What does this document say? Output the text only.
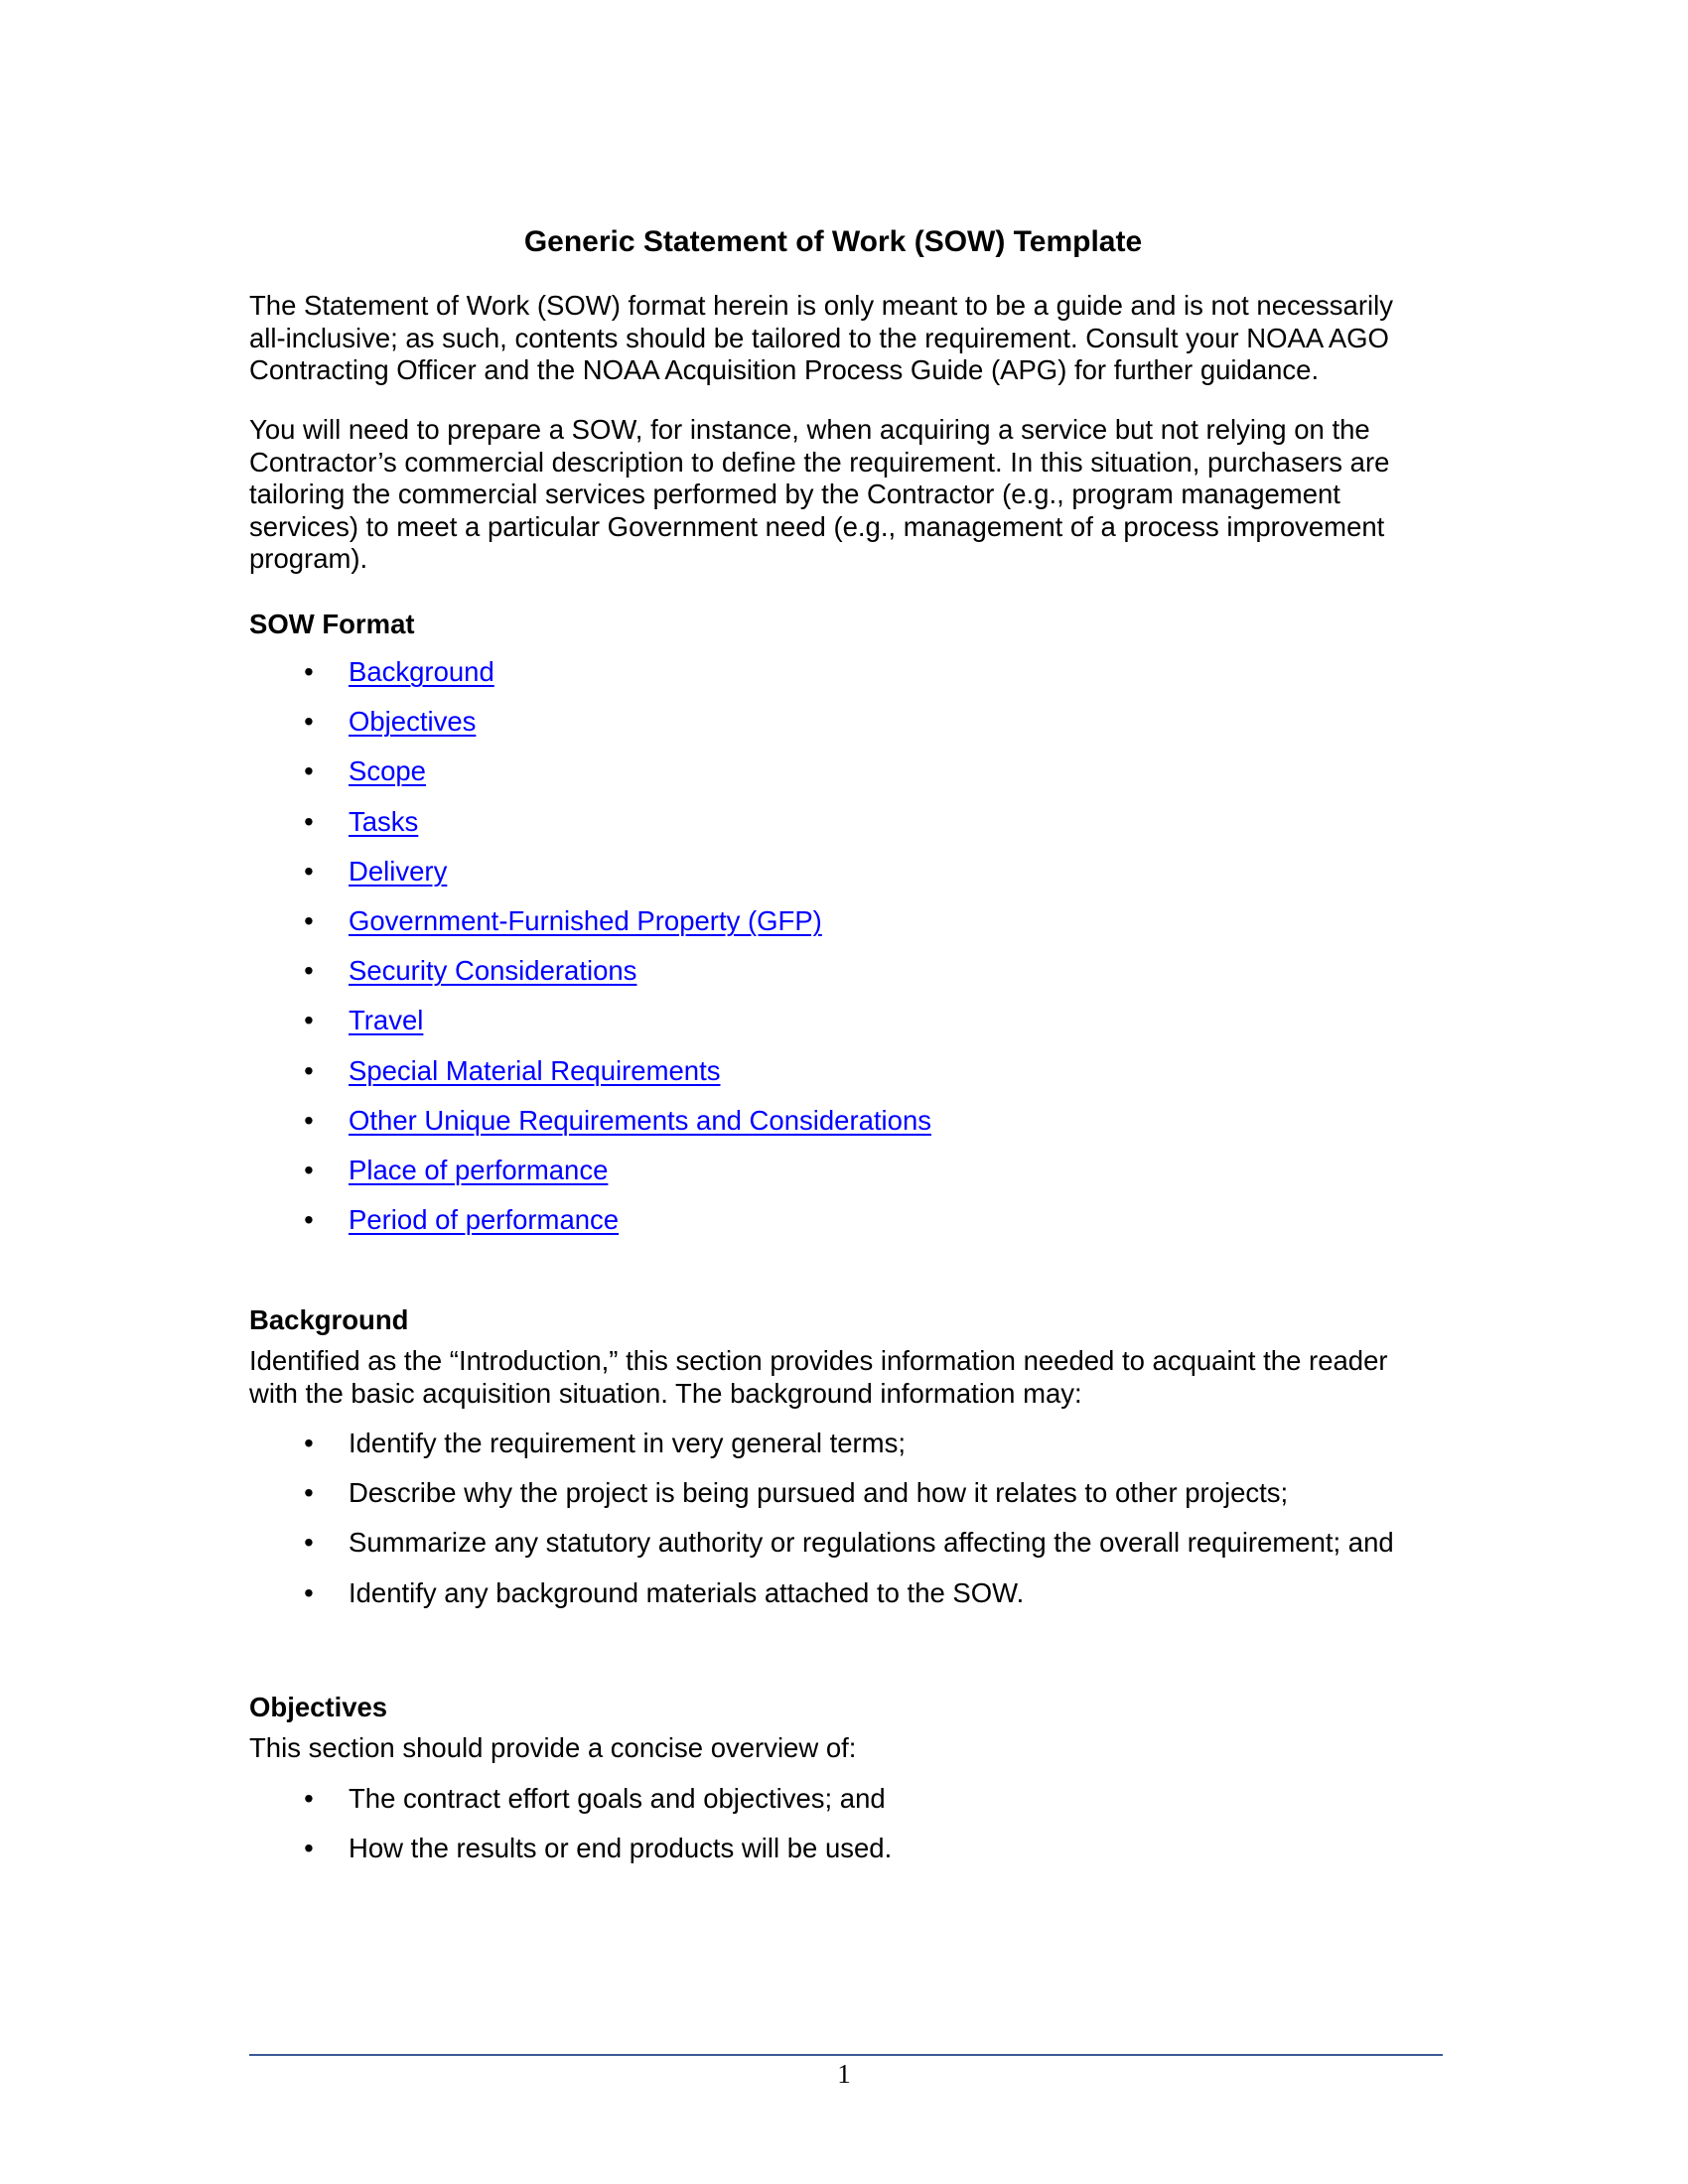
Generic Statement of Work (SOW) Template

The Statement of Work (SOW) format herein is only meant to be a guide and is not necessarily
all-inclusive; as such, contents should be tailored to the requirement. Consult your NOAA AGO
Contracting Officer and the NOAA Acquisition Process Guide (APG) for further guidance.

You will need to prepare a SOW, for instance, when acquiring a service but not relying on the
Contractor’s commercial description to define the requirement. In this situation, purchasers are
tailoring the commercial services performed by the Contractor (e.g., program management
services) to meet a particular Government need (e.g., management of a process improvement
program).

SOW Format
• Background
• Objectives
• Scope
• Tasks
• Delivery
• Government-Furnished Property (GFP)
• Security Considerations
• Travel
• Special Material Requirements
• Other Unique Requirements and Considerations
• Place of performance
• Period of performance
Background

Identified as the “Introduction,” this section provides information needed to acquaint the reader
with the basic acquisition situation. The background information may:

• Identify the requirement in very general terms;
• Describe why the project is being pursued and how it relates to other projects;
• Summarize any statutory authority or regulations affecting the overall requirement; and
• Identify any background materials attached to the SOW.
Objectives

This section should provide a concise overview of:

• The contract effort goals and objectives; and
• How the results or end products will be used.
1
